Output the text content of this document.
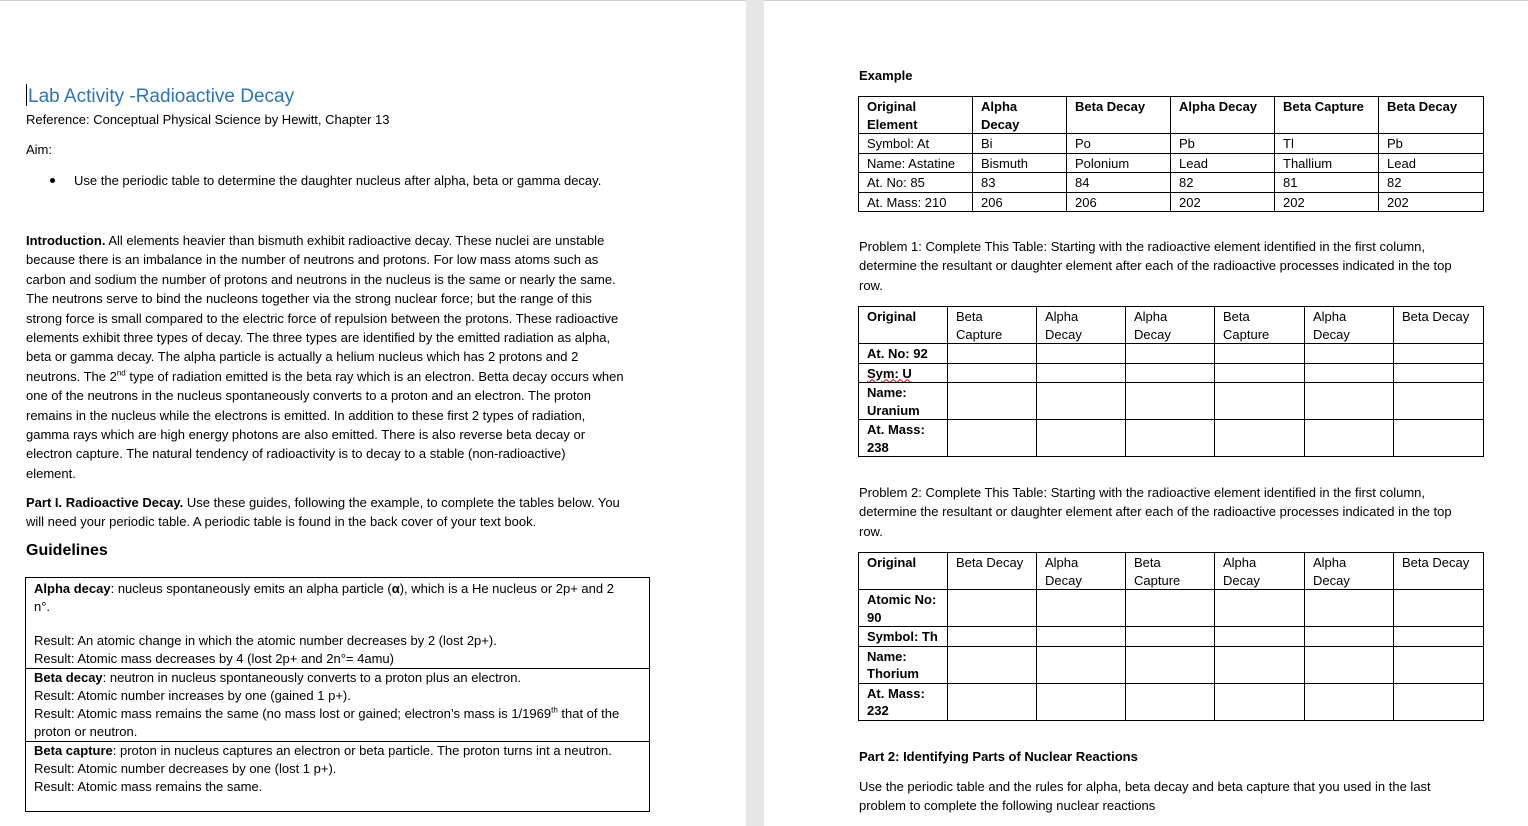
Lab Activity -Radioactive Decay
Reference: Conceptual Physical Science by Hewitt, Chapter 13
Aim:
Use the periodic table to determine the daughter nucleus after alpha, beta or gamma decay.
Introduction. All elements heavier than bismuth exhibit radioactive decay. These nuclei are unstable
because there is an imbalance in the number of neutrons and protons. For low mass atoms such as
carbon and sodium the number of protons and neutrons in the nucleus is the same or nearly the same.
The neutrons serve to bind the nucleons together via the strong nuclear force; but the range of this
strong force is small compared to the electric force of repulsion between the protons. These radioactive
elements exhibit three types of decay. The three types are identified by the emitted radiation as alpha,
beta or gamma decay. The alpha particle is actually a helium nucleus which has 2 protons and 2
neutrons. The 2nd type of radiation emitted is the beta ray which is an electron. Betta decay occurs when
one of the neutrons in the nucleus spontaneously converts to a proton and an electron. The proton
remains in the nucleus while the electrons is emitted. In addition to these first 2 types of radiation,
gamma rays which are high energy photons are also emitted. There is also reverse beta decay or
electron capture. The natural tendency of radioactivity is to decay to a stable (non-radioactive)
element.
Part I. Radioactive Decay. Use these guides, following the example, to complete the tables below. You
will need your periodic table. A periodic table is found in the back cover of your text book.
Guidelines
Alpha decay: nucleus spontaneously emits an alpha particle (α), which is a He nucleus or 2p+ and 2
n°.
Result: An atomic change in which the atomic number decreases by 2 (lost 2p+).
Result: Atomic mass decreases by 4 (lost 2p+ and 2n°= 4amu)
Beta decay: neutron in nucleus spontaneously converts to a proton plus an electron.
Result: Atomic number increases by one (gained 1 p+).
Result: Atomic mass remains the same (no mass lost or gained; electron’s mass is 1/1969th that of the
proton or neutron.
Beta capture: proton in nucleus captures an electron or beta particle. The proton turns int a neutron.
Result: Atomic number decreases by one (lost 1 p+).
Result: Atomic mass remains the same.
Example
Original Element	Alpha Decay	Beta Decay	Alpha Decay	Beta Capture	Beta Decay
Symbol: At	Bi	Po	Pb	Tl	Pb
Name: Astatine	Bismuth	Polonium	Lead	Thallium	Lead
At. No: 85	83	84	82	81	82
At. Mass: 210	206	206	202	202	202
Problem 1: Complete This Table: Starting with the radioactive element identified in the first column,
determine the resultant or daughter element after each of the radioactive processes indicated in the top
row.
Original	Beta Capture	Alpha Decay	Alpha Decay	Beta Capture	Alpha Decay	Beta Decay
At. No: 92						
Sym: U						
Name: Uranium						
At. Mass: 238						
Problem 2: Complete This Table: Starting with the radioactive element identified in the first column,
determine the resultant or daughter element after each of the radioactive processes indicated in the top
row.
Original	Beta Decay	Alpha Decay	Beta Capture	Alpha Decay	Alpha Decay	Beta Decay
Atomic No: 90						
Symbol: Th						
Name: Thorium						
At. Mass: 232						
Part 2: Identifying Parts of Nuclear Reactions
Use the periodic table and the rules for alpha, beta decay and beta capture that you used in the last
problem to complete the following nuclear reactions
